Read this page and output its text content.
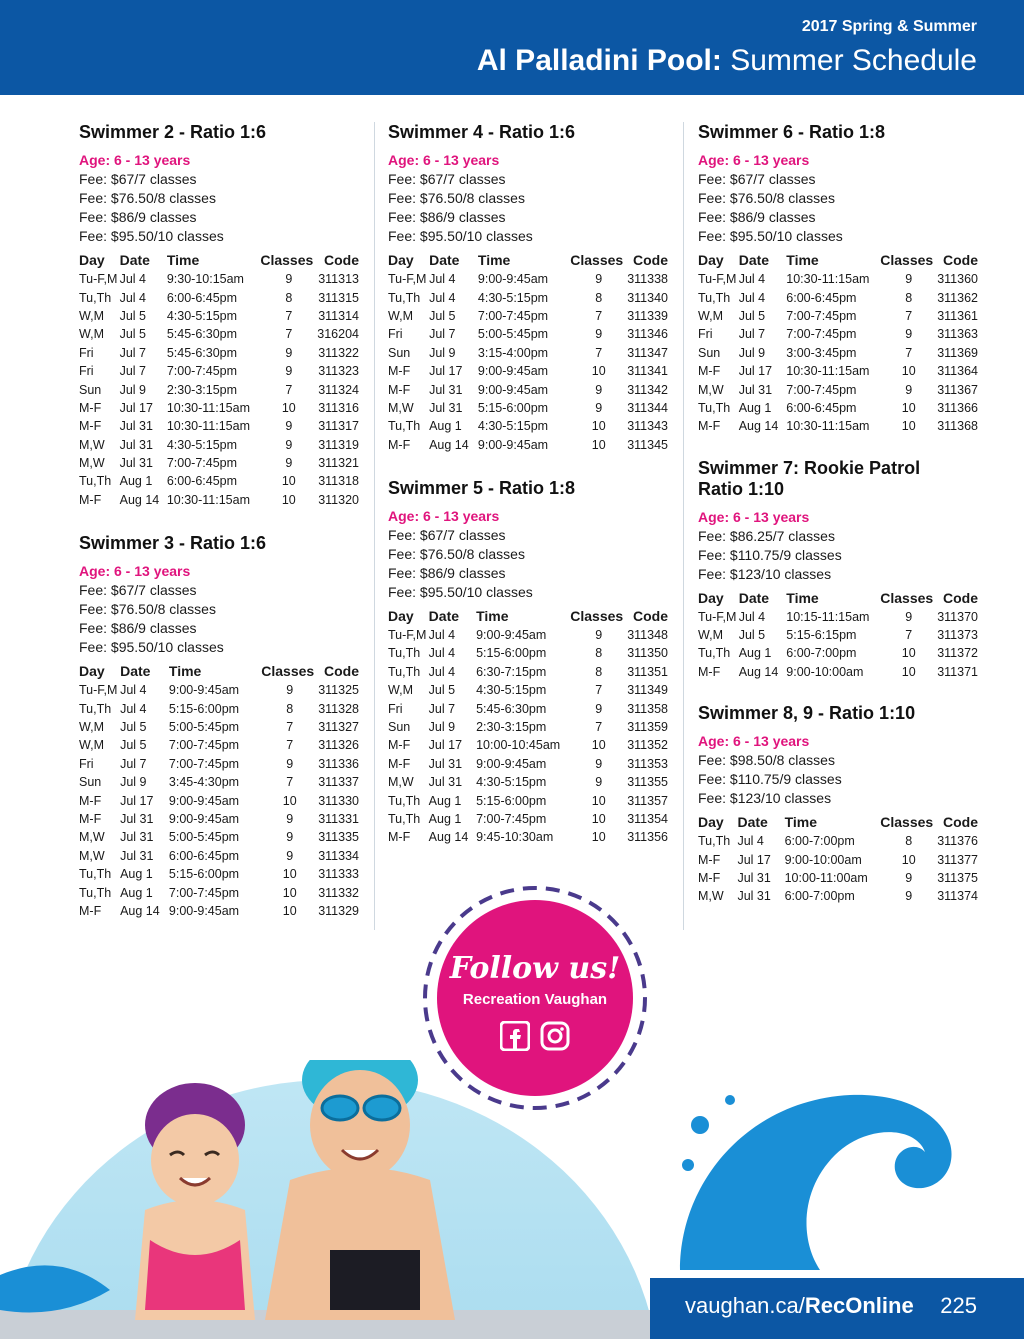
2017 Spring & Summer
Al Palladini Pool: Summer Schedule
Swimmer 2 - Ratio 1:6
Age: 6 - 13 years
Fee: $67/7 classes
Fee: $76.50/8 classes
Fee: $86/9 classes
Fee: $95.50/10 classes
Day	Date	Time	Classes	Code
Tu-F,M	Jul 4	9:30-10:15am	9	311313
Tu,Th	Jul 4	6:00-6:45pm	8	311315
W,M	Jul 5	4:30-5:15pm	7	311314
W,M	Jul 5	5:45-6:30pm	7	316204
Fri	Jul 7	5:45-6:30pm	9	311322
Fri	Jul 7	7:00-7:45pm	9	311323
Sun	Jul 9	2:30-3:15pm	7	311324
M-F	Jul 17	10:30-11:15am	10	311316
M-F	Jul 31	10:30-11:15am	9	311317
M,W	Jul 31	4:30-5:15pm	9	311319
M,W	Jul 31	7:00-7:45pm	9	311321
Tu,Th	Aug 1	6:00-6:45pm	10	311318
M-F	Aug 14	10:30-11:15am	10	311320
Swimmer 3 - Ratio 1:6
Age: 6 - 13 years
Fee: $67/7 classes
Fee: $76.50/8 classes
Fee: $86/9 classes
Fee: $95.50/10 classes
Day	Date	Time	Classes	Code
Tu-F,M	Jul 4	9:00-9:45am	9	311325
Tu,Th	Jul 4	5:15-6:00pm	8	311328
W,M	Jul 5	5:00-5:45pm	7	311327
W,M	Jul 5	7:00-7:45pm	7	311326
Fri	Jul 7	7:00-7:45pm	9	311336
Sun	Jul 9	3:45-4:30pm	7	311337
M-F	Jul 17	9:00-9:45am	10	311330
M-F	Jul 31	9:00-9:45am	9	311331
M,W	Jul 31	5:00-5:45pm	9	311335
M,W	Jul 31	6:00-6:45pm	9	311334
Tu,Th	Aug 1	5:15-6:00pm	10	311333
Tu,Th	Aug 1	7:00-7:45pm	10	311332
M-F	Aug 14	9:00-9:45am	10	311329
Swimmer 4 - Ratio 1:6
Age: 6 - 13 years
Fee: $67/7 classes
Fee: $76.50/8 classes
Fee: $86/9 classes
Fee: $95.50/10 classes
Day	Date	Time	Classes	Code
Tu-F,M	Jul 4	9:00-9:45am	9	311338
Tu,Th	Jul 4	4:30-5:15pm	8	311340
W,M	Jul 5	7:00-7:45pm	7	311339
Fri	Jul 7	5:00-5:45pm	9	311346
Sun	Jul 9	3:15-4:00pm	7	311347
M-F	Jul 17	9:00-9:45am	10	311341
M-F	Jul 31	9:00-9:45am	9	311342
M,W	Jul 31	5:15-6:00pm	9	311344
Tu,Th	Aug 1	4:30-5:15pm	10	311343
M-F	Aug 14	9:00-9:45am	10	311345
Swimmer 5 - Ratio 1:8
Age: 6 - 13 years
Fee: $67/7 classes
Fee: $76.50/8 classes
Fee: $86/9 classes
Fee: $95.50/10 classes
Day	Date	Time	Classes	Code
Tu-F,M	Jul 4	9:00-9:45am	9	311348
Tu,Th	Jul 4	5:15-6:00pm	8	311350
Tu,Th	Jul 4	6:30-7:15pm	8	311351
W,M	Jul 5	4:30-5:15pm	7	311349
Fri	Jul 7	5:45-6:30pm	9	311358
Sun	Jul 9	2:30-3:15pm	7	311359
M-F	Jul 17	10:00-10:45am	10	311352
M-F	Jul 31	9:00-9:45am	9	311353
M,W	Jul 31	4:30-5:15pm	9	311355
Tu,Th	Aug 1	5:15-6:00pm	10	311357
Tu,Th	Aug 1	7:00-7:45pm	10	311354
M-F	Aug 14	9:45-10:30am	10	311356
Swimmer 6 - Ratio 1:8
Age: 6 - 13 years
Fee: $67/7 classes
Fee: $76.50/8 classes
Fee: $86/9 classes
Fee: $95.50/10 classes
Day	Date	Time	Classes	Code
Tu-F,M	Jul 4	10:30-11:15am	9	311360
Tu,Th	Jul 4	6:00-6:45pm	8	311362
W,M	Jul 5	7:00-7:45pm	7	311361
Fri	Jul 7	7:00-7:45pm	9	311363
Sun	Jul 9	3:00-3:45pm	7	311369
M-F	Jul 17	10:30-11:15am	10	311364
M,W	Jul 31	7:00-7:45pm	9	311367
Tu,Th	Aug 1	6:00-6:45pm	10	311366
M-F	Aug 14	10:30-11:15am	10	311368
Swimmer 7: Rookie Patrol
Ratio 1:10
Age: 6 - 13 years
Fee: $86.25/7 classes
Fee: $110.75/9 classes
Fee: $123/10 classes
Day	Date	Time	Classes	Code
Tu-F,M	Jul 4	10:15-11:15am	9	311370
W,M	Jul 5	5:15-6:15pm	7	311373
Tu,Th	Aug 1	6:00-7:00pm	10	311372
M-F	Aug 14	9:00-10:00am	10	311371
Swimmer 8, 9 - Ratio 1:10
Age: 6 - 13 years
Fee: $98.50/8 classes
Fee: $110.75/9 classes
Fee: $123/10 classes
Day	Date	Time	Classes	Code
Tu,Th	Jul 4	6:00-7:00pm	8	311376
M-F	Jul 17	9:00-10:00am	10	311377
M-F	Jul 31	10:00-11:00am	9	311375
M,W	Jul 31	6:00-7:00pm	9	311374
Follow us!
Recreation Vaughan

vaughan.ca/RecOnline 225
